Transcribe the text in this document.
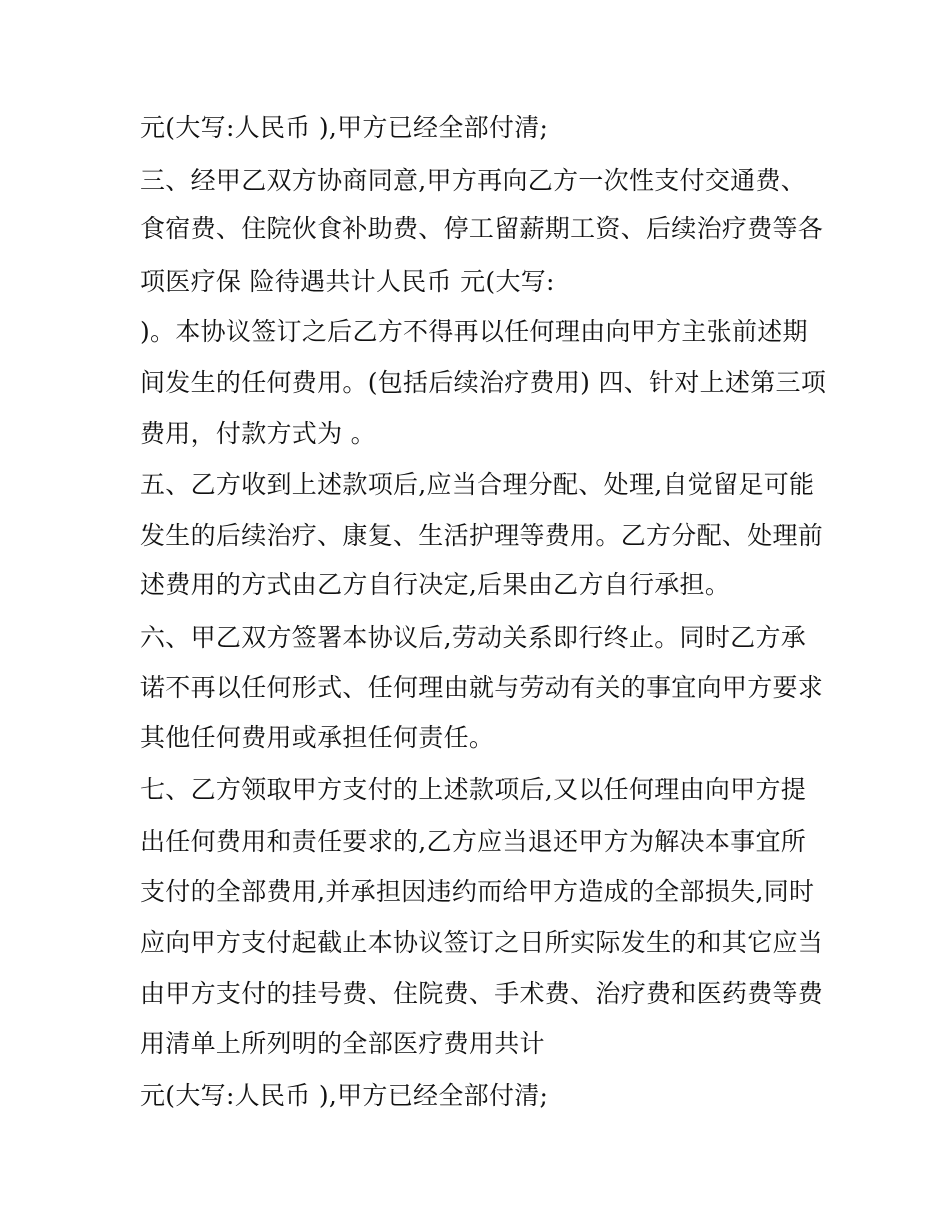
元(大写:人民币 ),甲方已经全部付清;
三、经甲乙双方协商同意,甲方再向乙方一次性支付交通费、
食宿费、住院伙食补助费、停工留薪期工资、后续治疗费等各
项医疗保 险待遇共计人民币 元(大写:
)。本协议签订之后乙方不得再以任何理由向甲方主张前述期
间发生的任何费用。(包括后续治疗费用) 四、针对上述第三项
费用，付款方式为 。
五、乙方收到上述款项后,应当合理分配、处理,自觉留足可能
发生的后续治疗、康复、生活护理等费用。乙方分配、处理前
述费用的方式由乙方自行决定,后果由乙方自行承担。
六、甲乙双方签署本协议后,劳动关系即行终止。同时乙方承
诺不再以任何形式、任何理由就与劳动有关的事宜向甲方要求
其他任何费用或承担任何责任。
七、乙方领取甲方支付的上述款项后,又以任何理由向甲方提
出任何费用和责任要求的,乙方应当退还甲方为解决本事宜所
支付的全部费用,并承担因违约而给甲方造成的全部损失,同时
应向甲方支付起截止本协议签订之日所实际发生的和其它应当
由甲方支付的挂号费、住院费、手术费、治疗费和医药费等费
用清单上所列明的全部医疗费用共计
元(大写:人民币 ),甲方已经全部付清;
